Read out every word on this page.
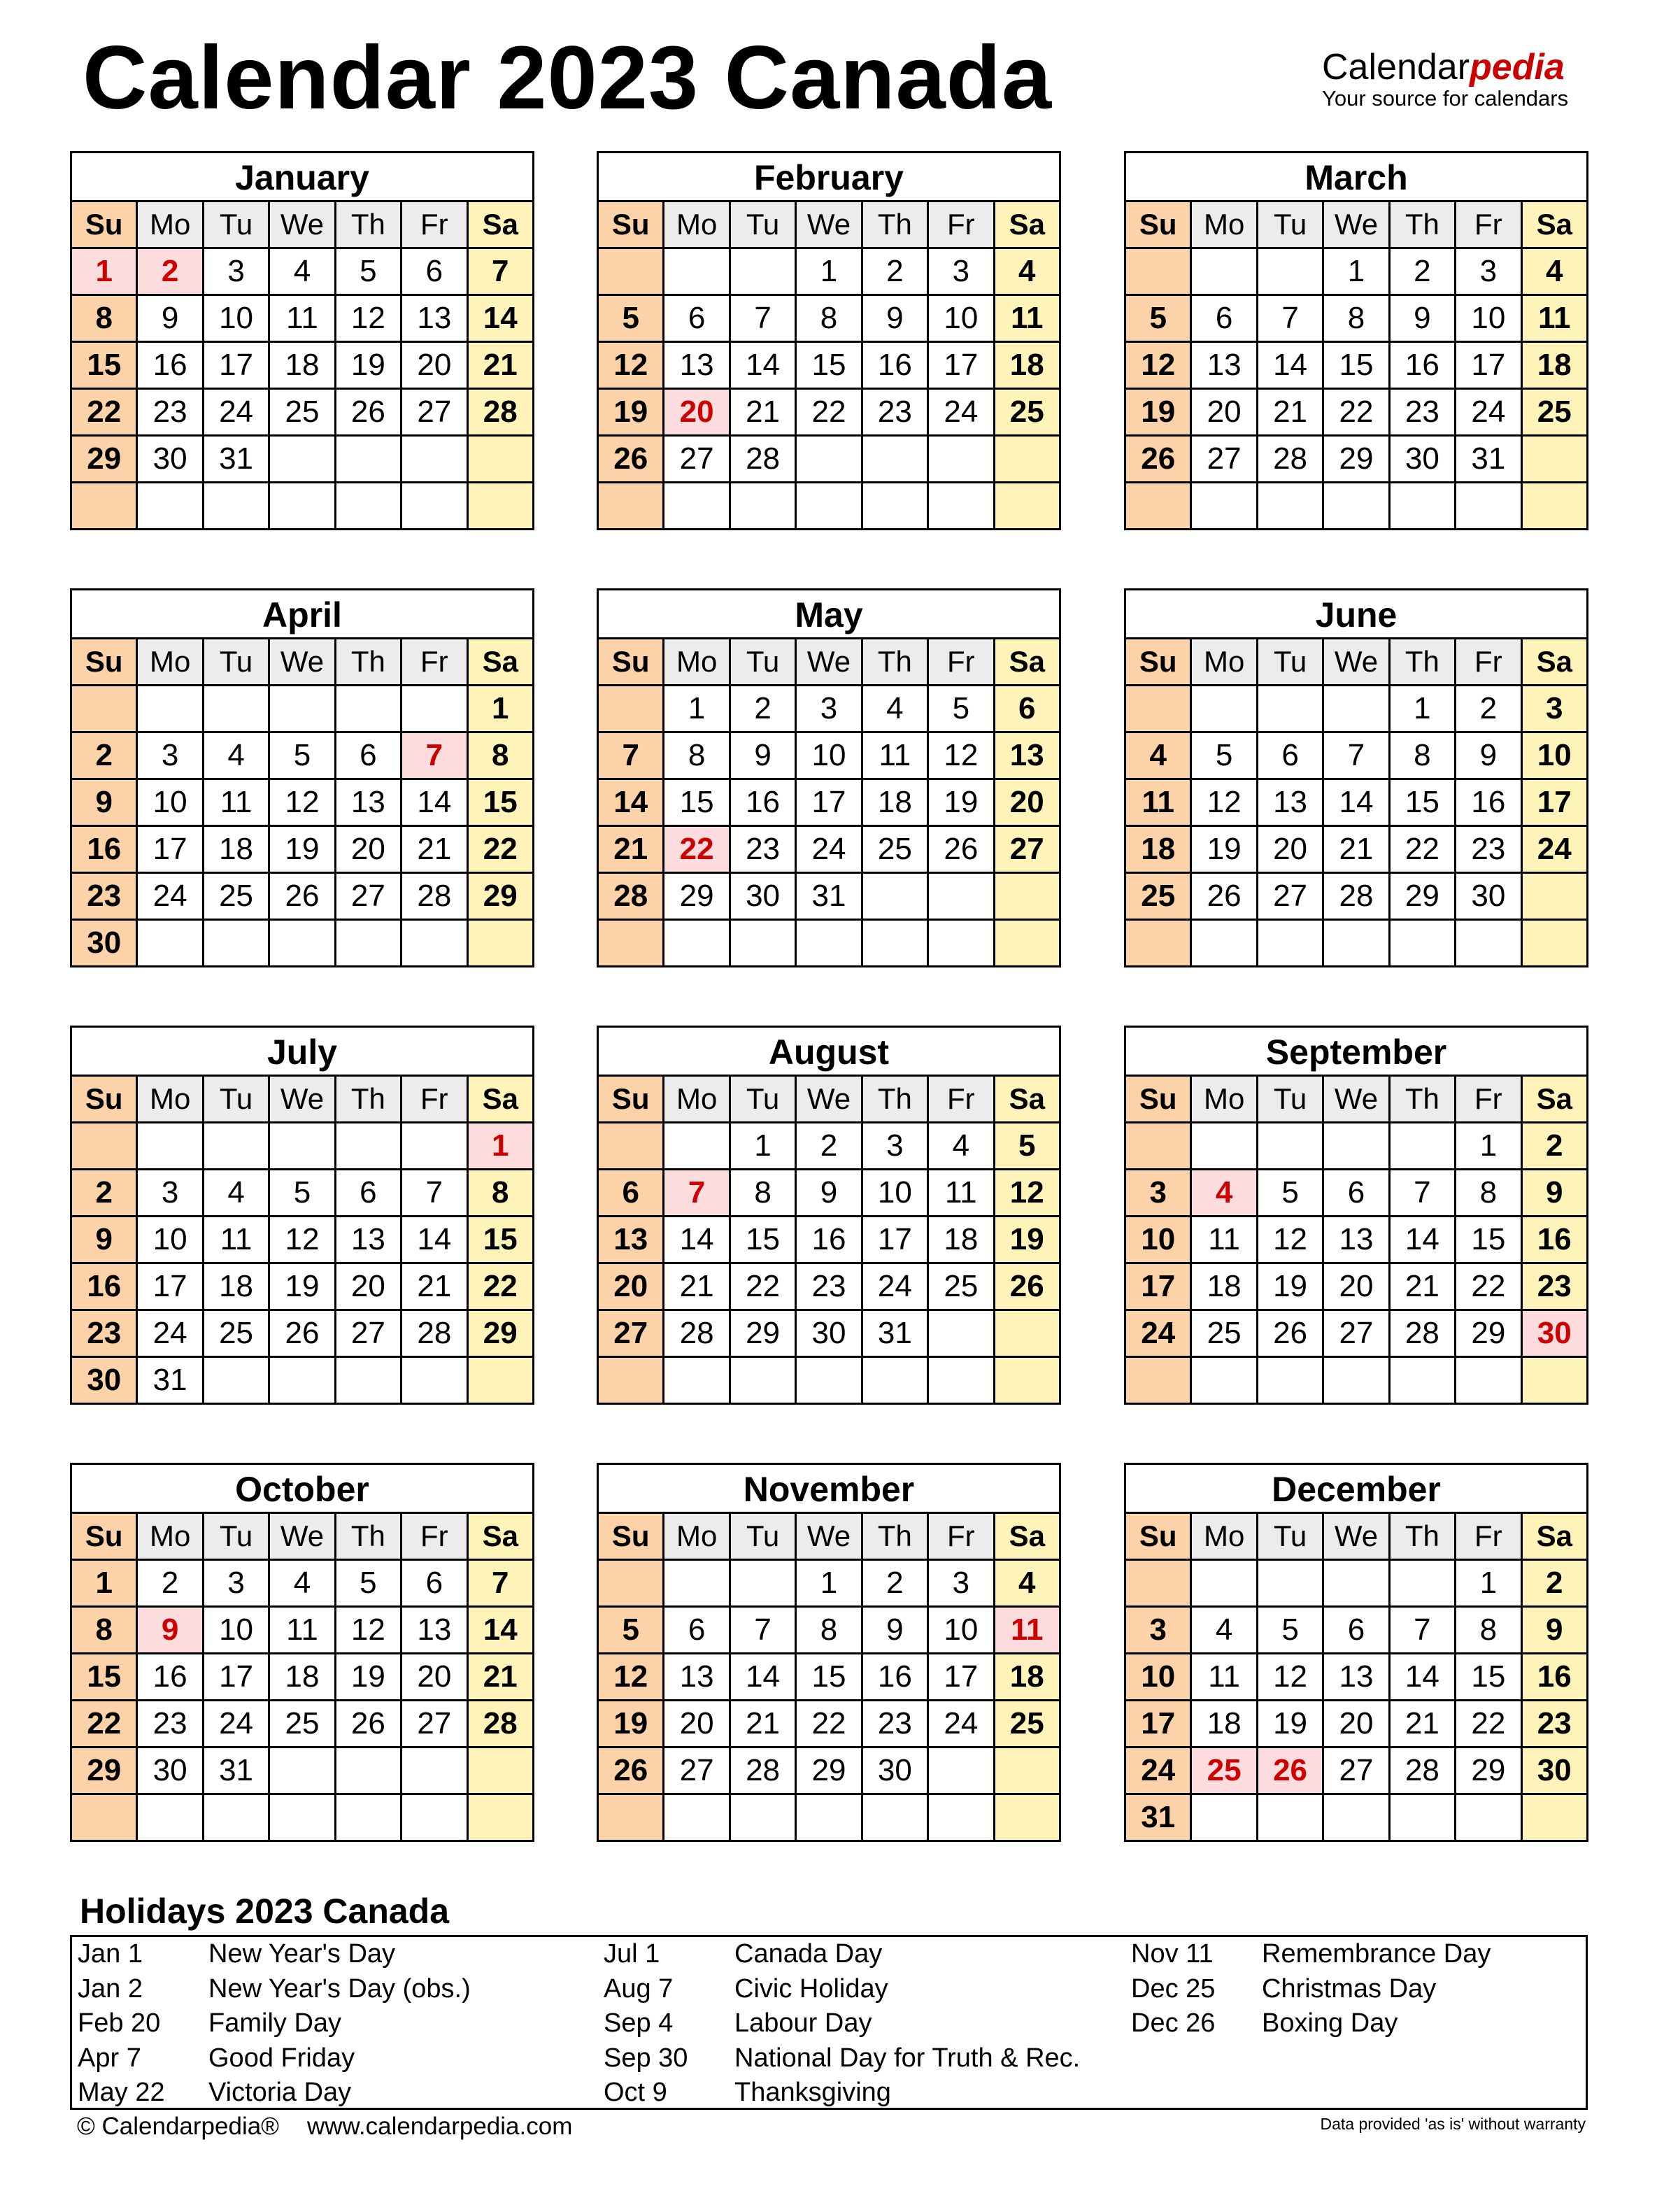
Calendar 2023 Canada	Calendarpedia
Your source for calendars
January
Su	Mo	Tu	We	Th	Fr	Sa
1	2	3	4	5	6	7
8	9	10	11	12	13	14
15	16	17	18	19	20	21
22	23	24	25	26	27	28
29	30	31				

February
Su	Mo	Tu	We	Th	Fr	Sa
			1	2	3	4
5	6	7	8	9	10	11
12	13	14	15	16	17	18
19	20	21	22	23	24	25
26	27	28				

March
Su	Mo	Tu	We	Th	Fr	Sa
			1	2	3	4
5	6	7	8	9	10	11
12	13	14	15	16	17	18
19	20	21	22	23	24	25
26	27	28	29	30	31	

April
Su	Mo	Tu	We	Th	Fr	Sa
						1
2	3	4	5	6	7	8
9	10	11	12	13	14	15
16	17	18	19	20	21	22
23	24	25	26	27	28	29
30						
May
Su	Mo	Tu	We	Th	Fr	Sa
	1	2	3	4	5	6
7	8	9	10	11	12	13
14	15	16	17	18	19	20
21	22	23	24	25	26	27
28	29	30	31			

June
Su	Mo	Tu	We	Th	Fr	Sa
				1	2	3
4	5	6	7	8	9	10
11	12	13	14	15	16	17
18	19	20	21	22	23	24
25	26	27	28	29	30	

July
Su	Mo	Tu	We	Th	Fr	Sa
						1
2	3	4	5	6	7	8
9	10	11	12	13	14	15
16	17	18	19	20	21	22
23	24	25	26	27	28	29
30	31					
August
Su	Mo	Tu	We	Th	Fr	Sa
		1	2	3	4	5
6	7	8	9	10	11	12
13	14	15	16	17	18	19
20	21	22	23	24	25	26
27	28	29	30	31		

September
Su	Mo	Tu	We	Th	Fr	Sa
					1	2
3	4	5	6	7	8	9
10	11	12	13	14	15	16
17	18	19	20	21	22	23
24	25	26	27	28	29	30

October
Su	Mo	Tu	We	Th	Fr	Sa
1	2	3	4	5	6	7
8	9	10	11	12	13	14
15	16	17	18	19	20	21
22	23	24	25	26	27	28
29	30	31				

November
Su	Mo	Tu	We	Th	Fr	Sa
			1	2	3	4
5	6	7	8	9	10	11
12	13	14	15	16	17	18
19	20	21	22	23	24	25
26	27	28	29	30		

December
Su	Mo	Tu	We	Th	Fr	Sa
					1	2
3	4	5	6	7	8	9
10	11	12	13	14	15	16
17	18	19	20	21	22	23
24	25	26	27	28	29	30
31						
Holidays 2023 Canada
Jan 1 New Year's Day
Jan 2 New Year's Day (obs.)
Feb 20 Family Day
Apr 7	Good Friday
May 22 Victoria Day
Jul 1	Canada Day
Aug 7 Civic Holiday
Sep 4 Labour Day
Sep 30 National Day for Truth & Rec.
Oct 9	Thanksgiving
Nov 11 Remembrance Day
Dec 25 Christmas Day
Dec 26 Boxing Day
© Calendarpedia® www.calendarpedia.com	Data provided 'as is' without warranty
